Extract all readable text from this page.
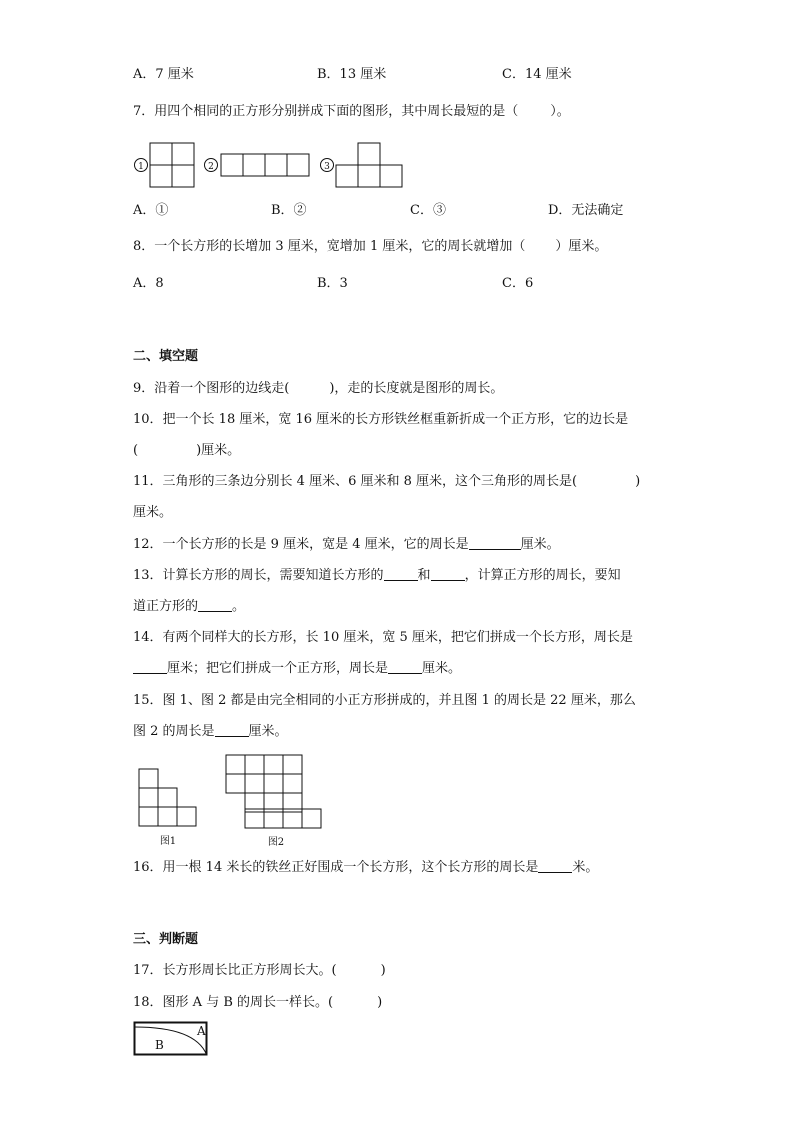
A．7 厘米	B．13 厘米	C．14 厘米
7．用四个相同的正方形分别拼成下面的图形，其中周长最短的是（ ）。
1	2	3
A．①	B．②	C．③	D．无法确定
8．一个长方形的长增加 3 厘米，宽增加 1 厘米，它的周长就增加（ ）厘米。
A．8	B．3	C．6
二、填空题
9．沿着一个图形的边线走(	)，走的长度就是图形的周长。
10．把一个长 18 厘米，宽 16 厘米的长方形铁丝框重新折成一个正方形，它的边长是
(	)厘米。
11．三角形的三条边分别长 4 厘米、6 厘米和 8 厘米，这个三角形的周长是(	)
厘米。
12．一个长方形的长是 9 厘米，宽是 4 厘米，它的周长是	厘米。
13．计算长方形的周长，需要知道长方形的	和	，计算正方形的周长，要知
道正方形的	。
14．有两个同样大的长方形，长 10 厘米，宽 5 厘米，把它们拼成一个长方形，周长是
厘米；把它们拼成一个正方形，周长是	厘米。
15．图 1、图 2 都是由完全相同的小正方形拼成的，并且图 1 的周长是 22 厘米，那么
图 2 的周长是	厘米。
图1	图2
16．用一根 14 米长的铁丝正好围成一个长方形，这个长方形的周长是	米。
三、判断题
17．长方形周长比正方形周长大。(	)
18．图形 A 与 B 的周长一样长。(	)
A
B
